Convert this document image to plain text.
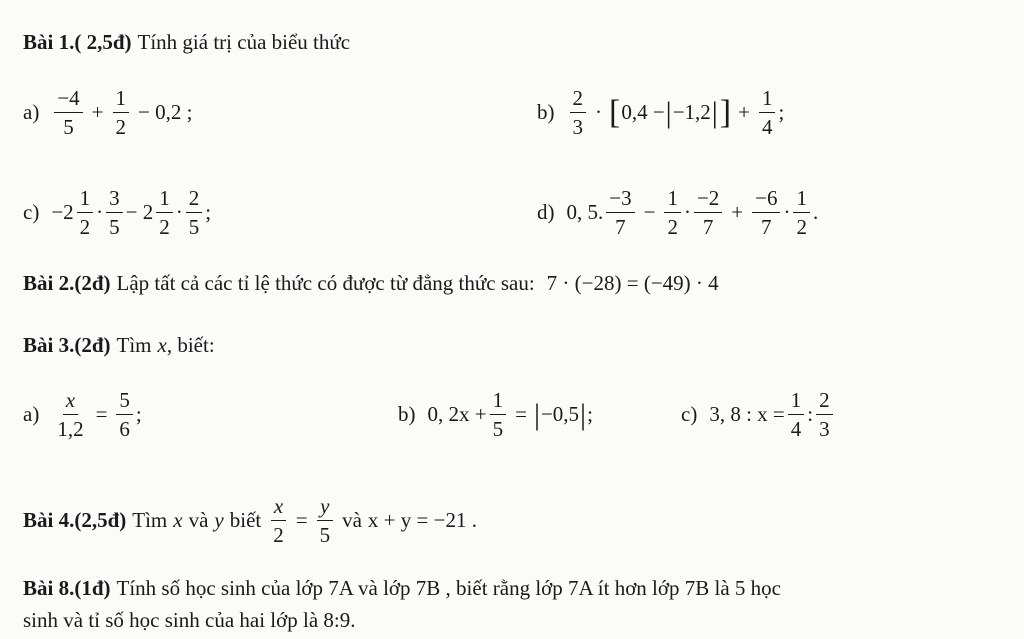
Bài 1.( 2,5đ) Tính giá trị của biểu thức
$a) \frac{-4}{5} + \frac{1}{2} - 0,2$ ;	$b) \frac{2}{3}$ · [ 0,4 − | −1,2 | ] + $\frac{1}{4}$ ;
$c) -2 \frac{1}{2} \cdot \frac{3}{5} - 2 \frac{1}{2} \cdot \frac{2}{5}$ ;	d) 0, 5. $\frac{-3}{7} - \frac{1}{2} \cdot \frac{-2}{7} + \frac{-6}{7} \cdot \frac{1}{2}$ .
Bài 2.(2đ) Lập tất cả các tỉ lệ thức có được từ đẳng thức sau: 7 · (−28) = (−49) · 4
Bài 3.(2đ) Tìm x , biết:
$a) \frac{x}{1,2} = \frac{5}{6}$ ;	b) 0, $2x + \frac{1}{5}$ = | −0,5 | ;	c) 3, 8 : $x = \frac{1}{4}$ : $\frac{2}{3}$
Bài 4.(2,5đ) Tìm x và y biết $\frac{x}{2} = \frac{y}{5}$ và x + y = −21 .
Bài 8.(1đ) Tính số học sinh của lớp 7A và lớp 7B , biết rằng lớp 7A ít hơn lớp 7B là 5 học
sinh và tỉ số học sinh của hai lớp là 8:9.
